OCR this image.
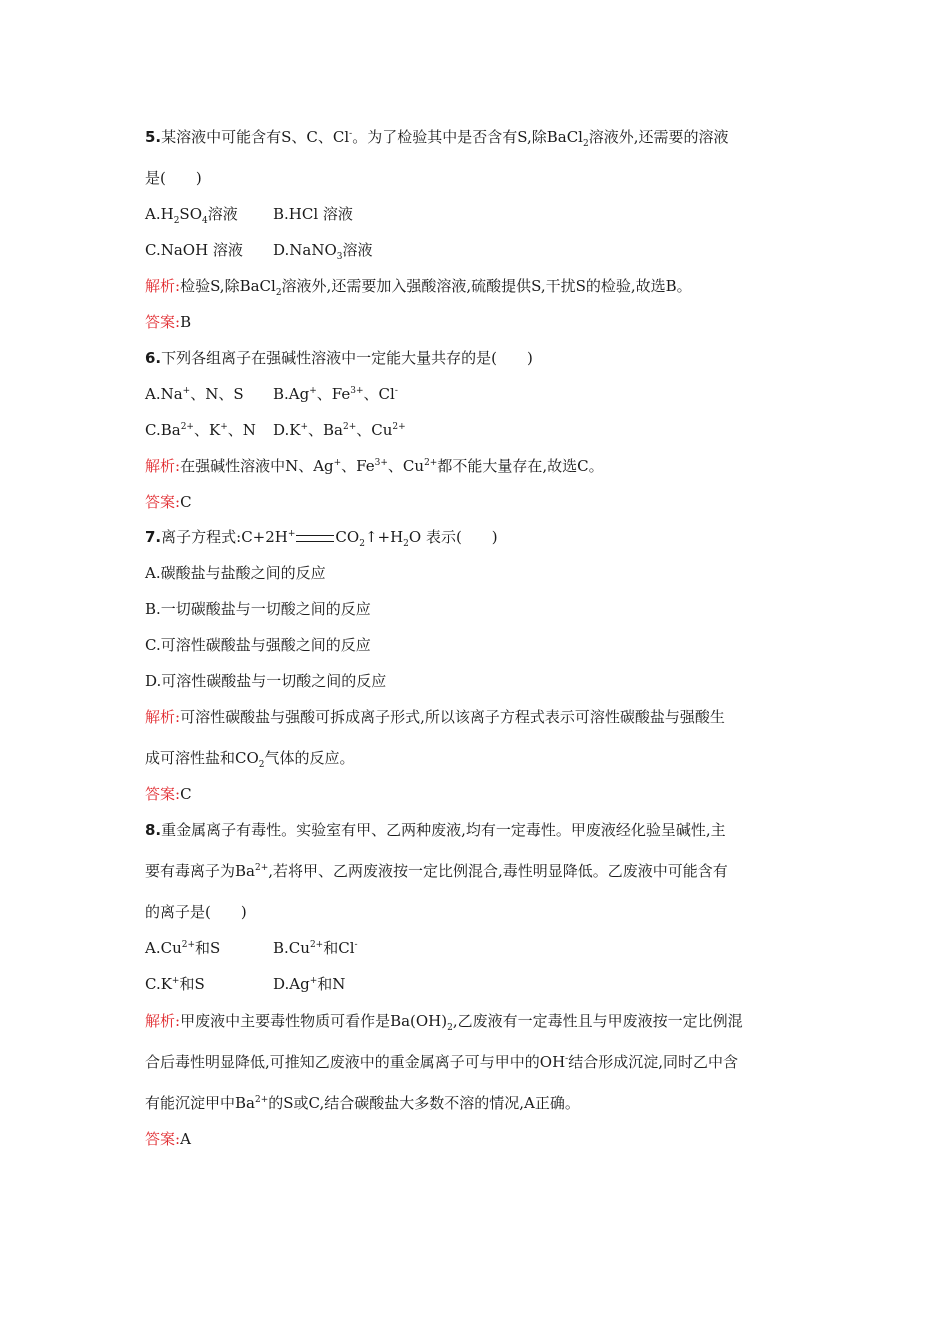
5.某溶液中可能含有S、C、Cl-。为了检验其中是否含有S,除BaCl$_2$溶液外,还需要的溶液
是(　　)
$A.H_2SO_4$溶液 B.HCl 溶液
C.NaOH 溶液 D.NaNO$_3$溶液
解析:检验S,除BaCl$_2$溶液外,还需要加入强酸溶液,硫酸提供S,干扰S的检验,故选B。
答案:B
6.下列各组离子在强碱性溶液中一定能大量共存的是(　　)
A.Na+、N、S B.Ag+、$Fe^{3+}$、Cl-
$C.Ba^{2+}$、K+、N D.K+、$Ba^{2+}$、$Cu^{2+}$
解析:在强碱性溶液中N、Ag+、$Fe^{3+}$、$Cu^{2+}$都不能大量存在,故选C。
答案:C
7.离子方程式:C+2H+	$CO_2↑+H_2O$ 表示(　　)
A.碳酸盐与盐酸之间的反应
B.一切碳酸盐与一切酸之间的反应
C.可溶性碳酸盐与强酸之间的反应
D.可溶性碳酸盐与一切酸之间的反应
解析:可溶性碳酸盐与强酸可拆成离子形式,所以该离子方程式表示可溶性碳酸盐与强酸生
成可溶性盐和$CO_2$气体的反应。
答案:C
8.重金属离子有毒性。实验室有甲、乙两种废液,均有一定毒性。甲废液经化验呈碱性,主
要有毒离子为$Ba^{2+}$,若将甲、乙两废液按一定比例混合,毒性明显降低。乙废液中可能含有
的离子是(　　)
$A.Cu^{2+}$和S	$B.Cu^{2+}$和Cl-
C.K+和S	D.Ag+和N
解析:甲废液中主要毒性物质可看作是$Ba(OH)_2$,乙废液有一定毒性且与甲废液按一定比例混
合后毒性明显降低,可推知乙废液中的重金属离子可与甲中的OH-结合形成沉淀,同时乙中含
有能沉淀甲中$Ba^{2+}$的S或C,结合碳酸盐大多数不溶的情况,A正确。
答案:A
